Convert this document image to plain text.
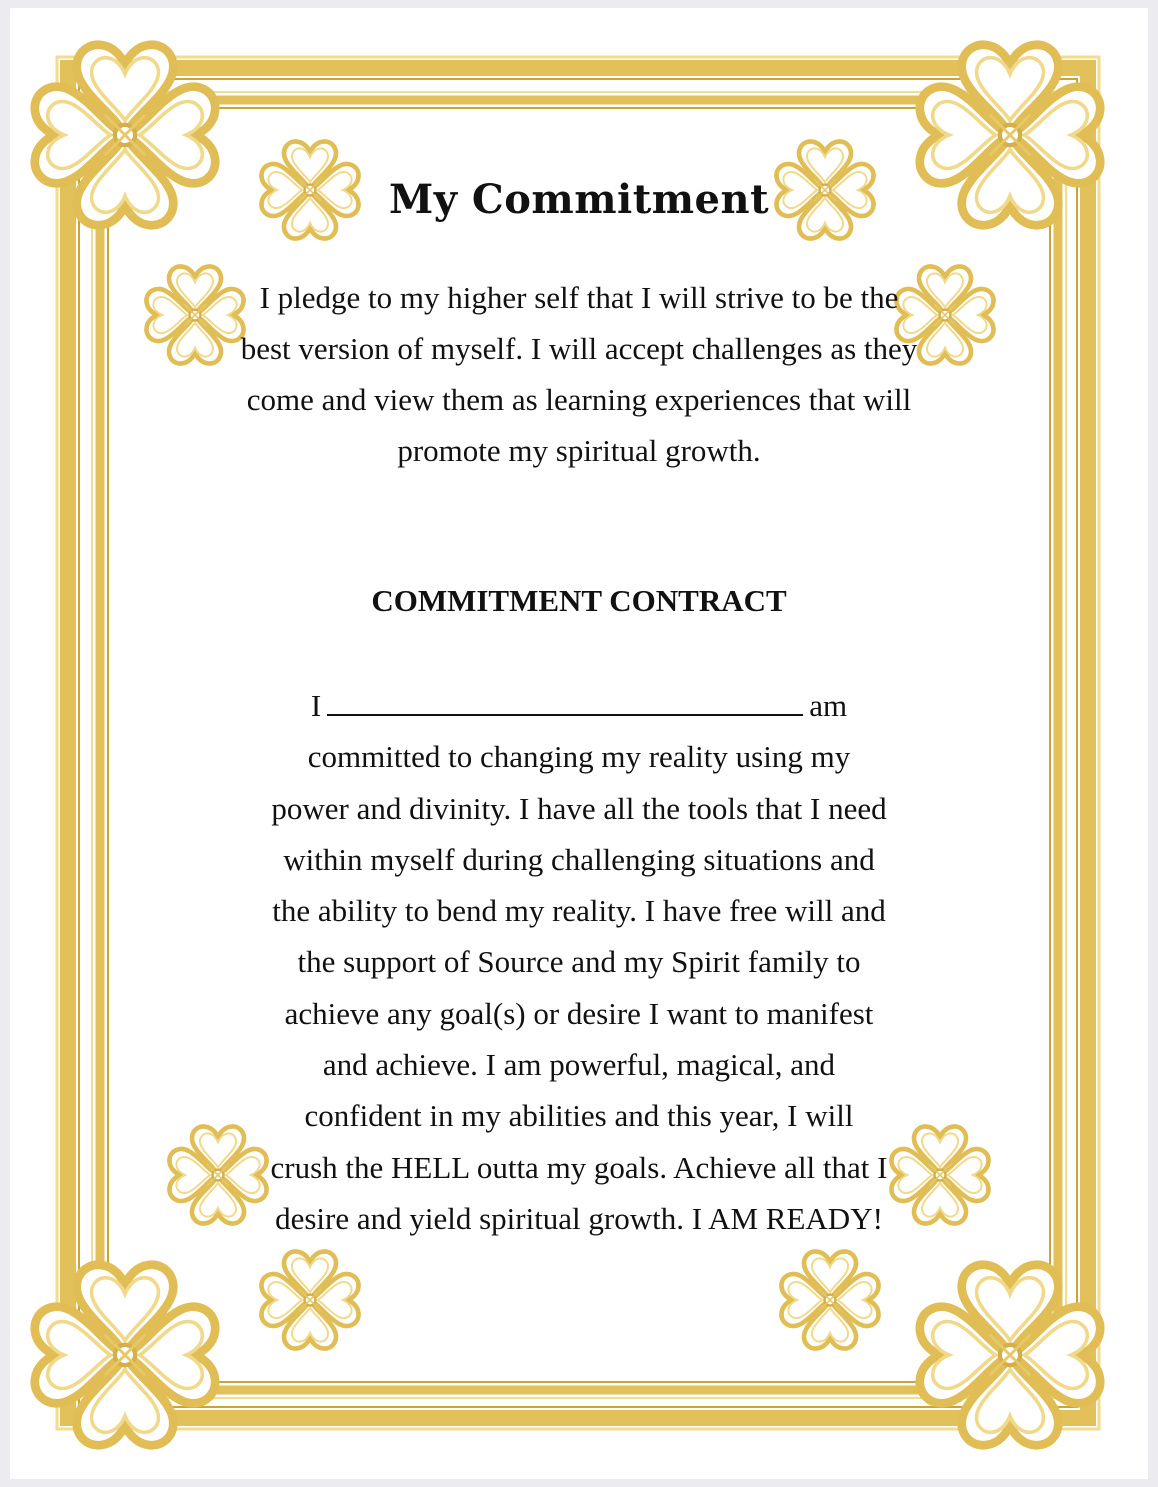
My Commitment

I pledge to my higher self that I will strive to be the best version of myself. I will accept challenges as they come and view them as learning experiences that will promote my spiritual growth.

COMMITMENT CONTRACT
I	am
committed to changing my reality using my
power and divinity. I have all the tools that I need
within myself during challenging situations and
the ability to bend my reality. I have free will and
the support of Source and my Spirit family to
achieve any goal(s) or desire I want to manifest
and achieve. I am powerful, magical, and
confident in my abilities and this year, I will
crush the HELL outta my goals. Achieve all that I
desire and yield spiritual growth. I AM READY!
